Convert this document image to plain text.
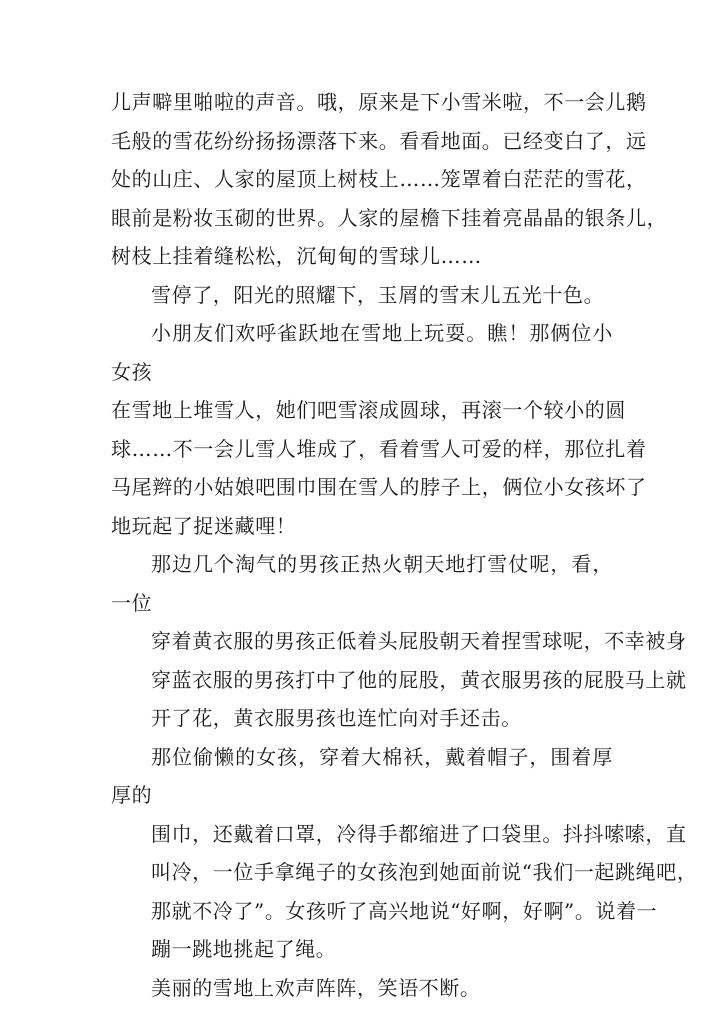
儿声噼里啪啦的声音。哦，原来是下小雪米啦，不一会儿鹅
毛般的雪花纷纷扬扬漂落下来。看看地面。已经变白了，远
处的山庄、人家的屋顶上树枝上……笼罩着白茫茫的雪花，
眼前是粉妆玉砌的世界。人家的屋檐下挂着亮晶晶的银条儿，
树枝上挂着缝松松，沉甸甸的雪球儿……

雪停了，阳光的照耀下，玉屑的雪末儿五光十色。

小朋友们欢呼雀跃地在雪地上玩耍。瞧！那俩位小女孩

在雪地上堆雪人，她们吧雪滚成圆球，再滚一个较小的圆
球……不一会儿雪人堆成了，看着雪人可爱的样，那位扎着
马尾辫的小姑娘吧围巾围在雪人的脖子上，俩位小女孩坏了
地玩起了捉迷藏哩！

那边几个淘气的男孩正热火朝天地打雪仗呢，看，一位

穿着黄衣服的男孩正低着头屁股朝天着捏雪球呢，不幸被身
穿蓝衣服的男孩打中了他的屁股，黄衣服男孩的屁股马上就
开了花，黄衣服男孩也连忙向对手还击。

那位偷懒的女孩，穿着大棉袄，戴着帽子，围着厚厚的

围巾，还戴着口罩，冷得手都缩进了口袋里。抖抖嗦嗦，直
叫冷，一位手拿绳子的女孩泡到她面前说“我们一起跳绳吧，
那就不冷了”。女孩听了高兴地说“好啊，好啊”。说着一
蹦一跳地挑起了绳。

美丽的雪地上欢声阵阵，笑语不断。
